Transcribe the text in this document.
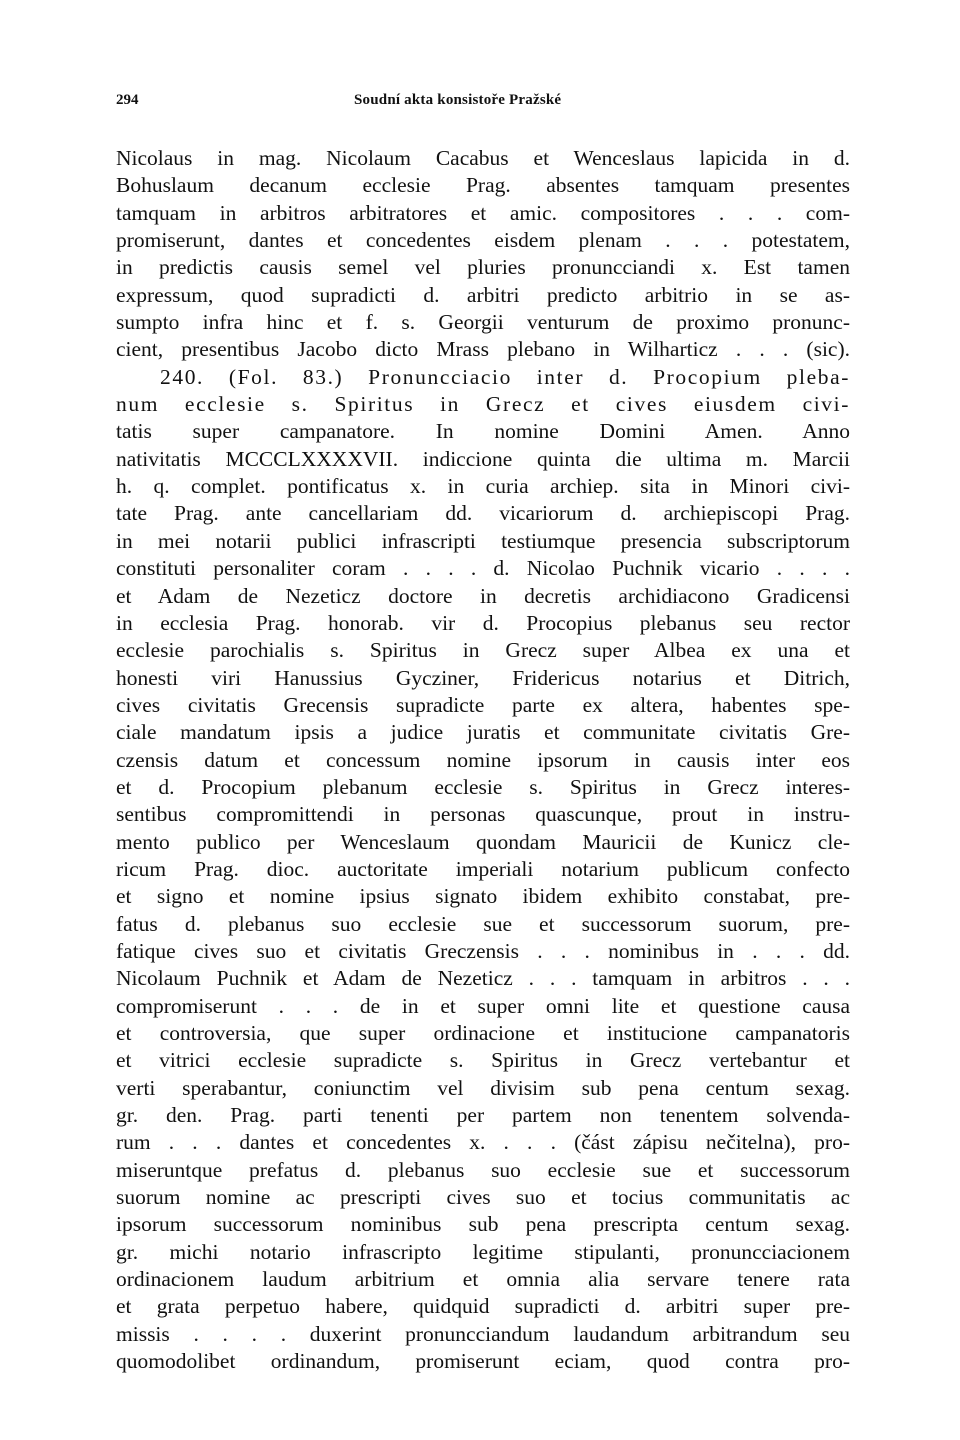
294	Soudní akta konsistoře Pražské
Nicolaus in mag. Nicolaum Cacabus et Wenceslaus lapicida in d.
Bohuslaum decanum ecclesie Prag. absentes tamquam presentes
tamquam in arbitros arbitratores et amic. compositores . . . com-
promiserunt, dantes et concedentes eisdem plenam . . . potestatem,
in predictis causis semel vel pluries pronuncciandi x. Est tamen
expressum, quod supradicti d. arbitri predicto arbitrio in se as-
sumpto infra hinc et f. s. Georgii venturum de proximo pronunc-
cient, presentibus Jacobo dicto Mrass plebano in Wilharticz . . . (sic).
240. (Fol. 83.) Pronuncciacio inter d. Procopium pleba-
num ecclesie s. Spiritus in Grecz et cives eiusdem civi-
tatis super campanatore. In nomine Domini Amen. Anno
nativitatis MCCCLXXXXVII. indiccione quinta die ultima m. Marcii
h. q. complet. pontificatus x. in curia archiep. sita in Minori civi-
tate Prag. ante cancellariam dd. vicariorum d. archiepiscopi Prag.
in mei notarii publici infrascripti testiumque presencia subscriptorum
constituti personaliter coram . . . . d. Nicolao Puchnik vicario . . . .
et Adam de Nezeticz doctore in decretis archidiacono Gradicensi
in ecclesia Prag. honorab. vir d. Procopius plebanus seu rector
ecclesie parochialis s. Spiritus in Grecz super Albea ex una et
honesti viri Hanussius Gycziner, Fridericus notarius et Ditrich,
cives civitatis Grecensis supradicte parte ex altera, habentes spe-
ciale mandatum ipsis a judice juratis et communitate civitatis Gre-
czensis datum et concessum nomine ipsorum in causis inter eos
et d. Procopium plebanum ecclesie s. Spiritus in Grecz interes-
sentibus compromittendi in personas quascunque, prout in instru-
mento publico per Wenceslaum quondam Mauricii de Kunicz cle-
ricum Prag. dioc. auctoritate imperiali notarium publicum confecto
et signo et nomine ipsius signato ibidem exhibito constabat, pre-
fatus d. plebanus suo ecclesie sue et successorum suorum, pre-
fatique cives suo et civitatis Greczensis . . . nominibus in . . . dd.
Nicolaum Puchnik et Adam de Nezeticz . . . tamquam in arbitros . . .
compromiserunt . . . de in et super omni lite et questione causa
et controversia, que super ordinacione et institucione campanatoris
et vitrici ecclesie supradicte s. Spiritus in Grecz vertebantur et
verti sperabantur, coniunctim vel divisim sub pena centum sexag.
gr. den. Prag. parti tenenti per partem non tenentem solvenda-
rum . . . dantes et concedentes x. . . . (část zápisu nečitelna), pro-
miseruntque prefatus d. plebanus suo ecclesie sue et successorum
suorum nomine ac prescripti cives suo et tocius communitatis ac
ipsorum successorum nominibus sub pena prescripta centum sexag.
gr. michi notario infrascripto legitime stipulanti, pronuncciacionem
ordinacionem laudum arbitrium et omnia alia servare tenere rata
et grata perpetuo habere, quidquid supradicti d. arbitri super pre-
missis . . . . duxerint pronuncciandum laudandum arbitrandum seu
quomodolibet ordinandum, promiserunt eciam, quod contra pro-
